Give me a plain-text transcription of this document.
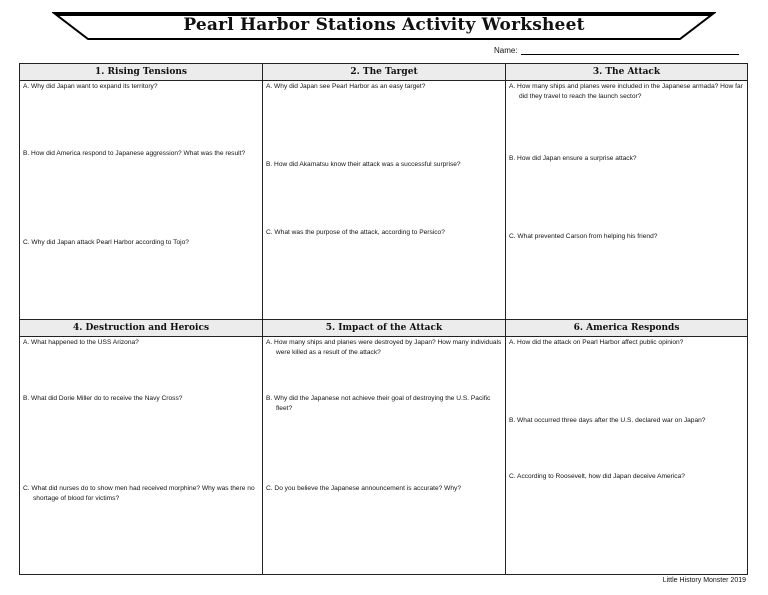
Pearl Harbor Stations Activity Worksheet
Name:
1. Rising Tensions
A. Why did Japan want to expand its territory?
B. How did America respond to Japanese aggression? What was the result?
C. Why did Japan attack Pearl Harbor according to Tojo?
2. The Target
A. Why did Japan see Pearl Harbor as an easy target?
B. How did Akamatsu know their attack was a successful surprise?
C. What was the purpose of the attack, according to Persico?
3. The Attack
A. How many ships and planes were included in the Japanese armada? How far did they travel to reach the launch sector?
B. How did Japan ensure a surprise attack?
C. What prevented Carson from helping his friend?
4. Destruction and Heroics
A. What happened to the USS Arizona?
B. What did Dorie Miller do to receive the Navy Cross?
C. What did nurses do to show men had received morphine? Why was there no shortage of blood for victims?
5. Impact of the Attack
A. How many ships and planes were destroyed by Japan? How many individuals were killed as a result of the attack?
B. Why did the Japanese not achieve their goal of destroying the U.S. Pacific fleet?
C. Do you believe the Japanese announcement is accurate? Why?
6. America Responds
A. How did the attack on Pearl Harbor affect public opinion?
B. What occurred three days after the U.S. declared war on Japan?
C. According to Roosevelt, how did Japan deceive America?
Little History Monster 2019
